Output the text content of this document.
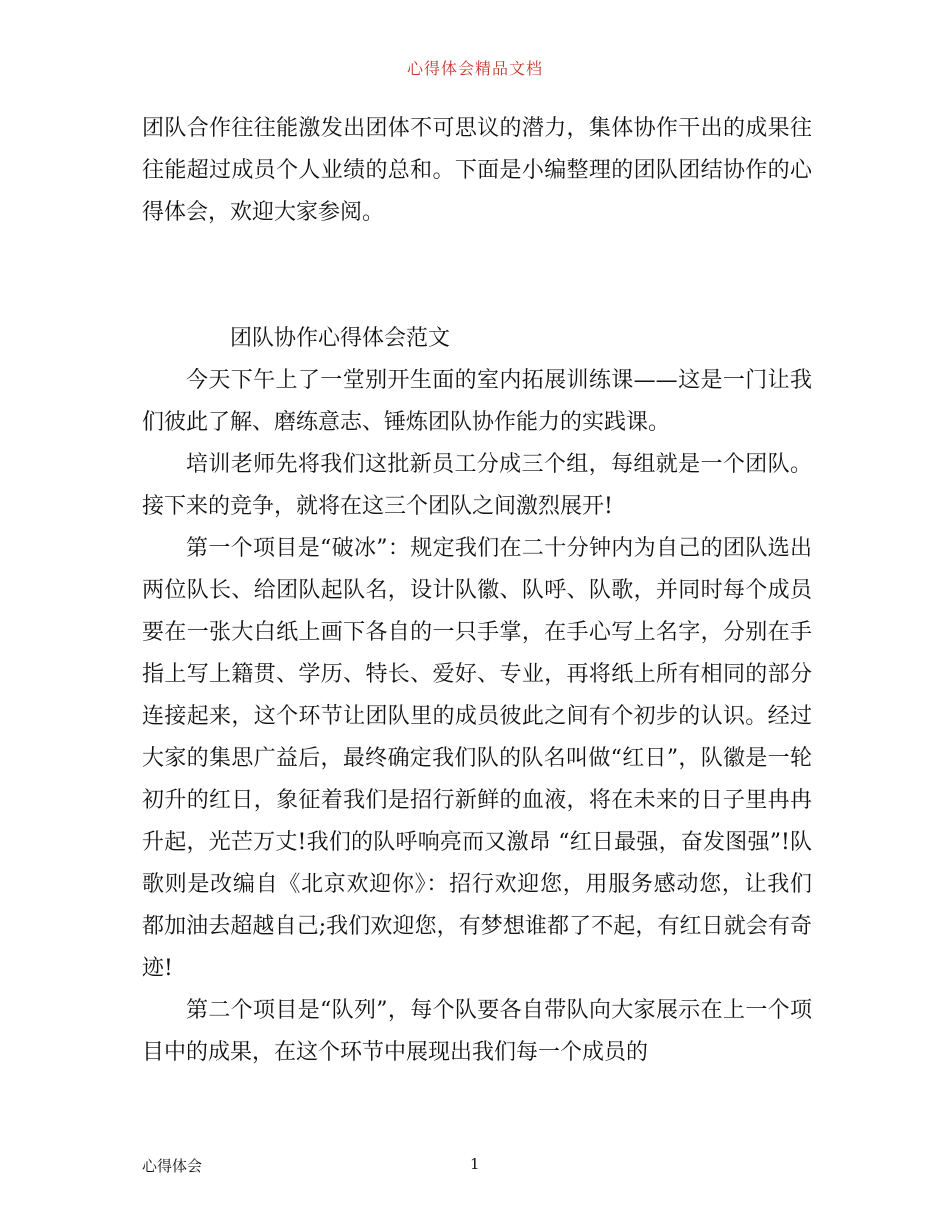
心得体会精品文档

团队合作往往能激发出团体不可思议的潜力，集体协作干出的成果往往能超过成员个人业绩的总和。下面是小编整理的团队团结协作的心得体会，欢迎大家参阅。

团队协作心得体会范文

今天下午上了一堂别开生面的室内拓展训练课——这是一门让我们彼此了解、磨练意志、锤炼团队协作能力的实践课。

培训老师先将我们这批新员工分成三个组，每组就是一个团队。接下来的竞争，就将在这三个团队之间激烈展开!

第一个项目是“破冰”：规定我们在二十分钟内为自己的团队选出两位队长、给团队起队名，设计队徽、队呼、队歌，并同时每个成员要在一张大白纸上画下各自的一只手掌，在手心写上名字，分别在手指上写上籍贯、学历、特长、爱好、专业，再将纸上所有相同的部分连接起来，这个环节让团队里的成员彼此之间有个初步的认识。经过大家的集思广益后，最终确定我们队的队名叫做“红日”，队徽是一轮初升的红日，象征着我们是招行新鲜的血液，将在未来的日子里冉冉升起，光芒万丈!我们的队呼响亮而又激昂 “红日最强，奋发图强”!队歌则是改编自《北京欢迎你》：招行欢迎您，用服务感动您，让我们都加油去超越自己;我们欢迎您，有梦想谁都了不起，有红日就会有奇迹!

第二个项目是“队列”，每个队要各自带队向大家展示在上一个项目中的成果，在这个环节中展现出我们每一个成员的

心得体会	1
